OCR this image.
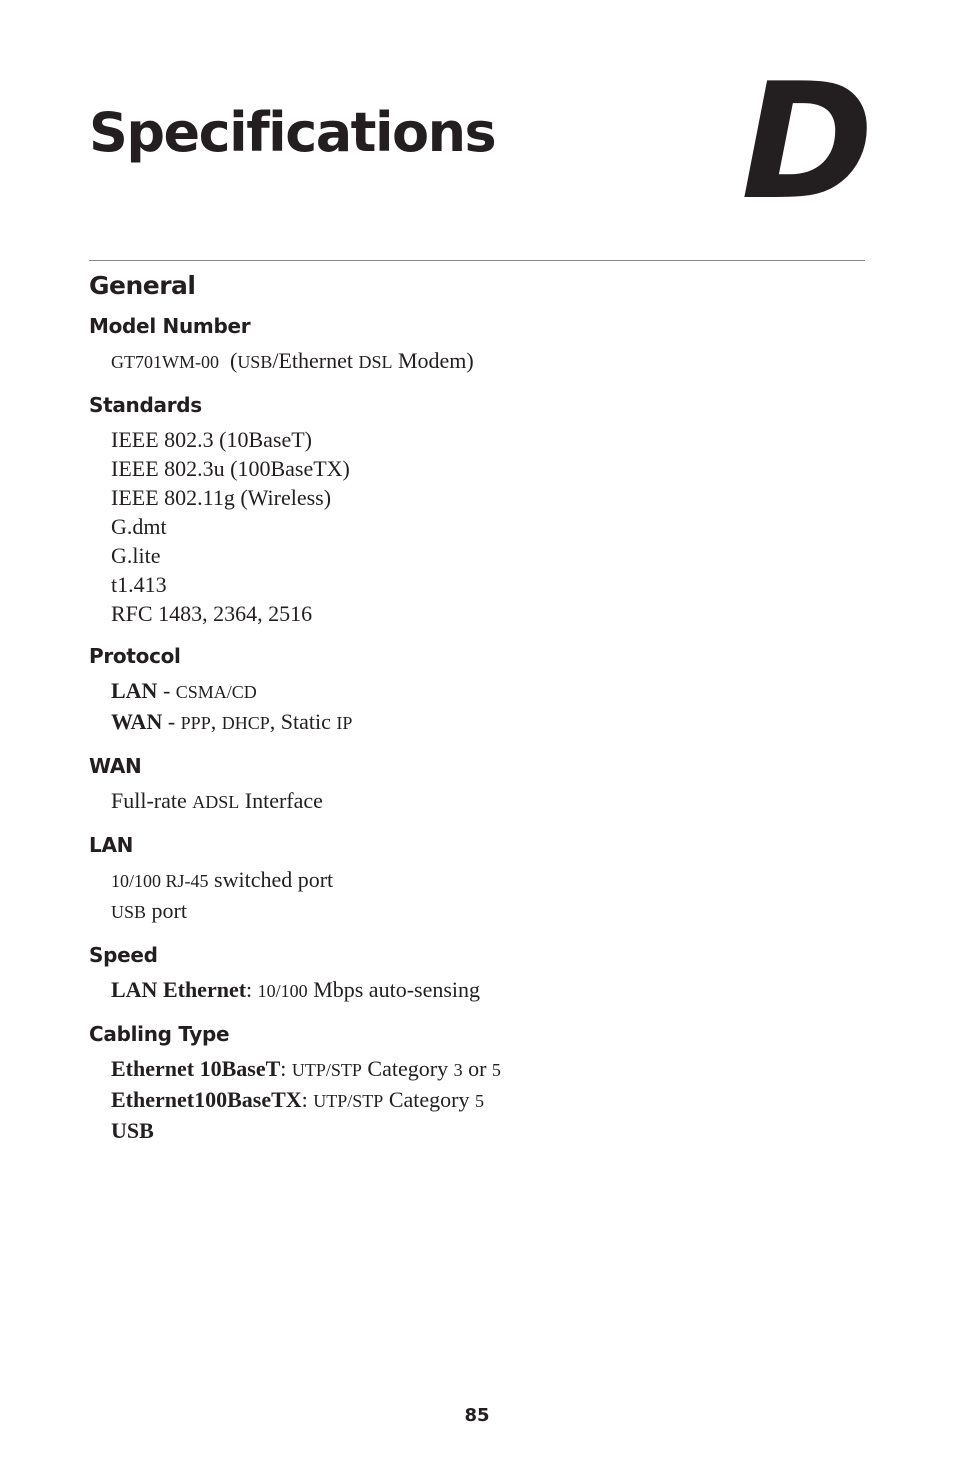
Specifications D
General
Model Number
GT701WM-00 (USB/Ethernet DSL Modem)
Standards
IEEE 802.3 (10BaseT)
IEEE 802.3u (100BaseTX)
IEEE 802.11g (Wireless)
G.dmt
G.lite
t1.413
RFC 1483, 2364, 2516
Protocol
LAN - CSMA/CD
WAN - PPP, DHCP, Static IP
WAN
Full-rate ADSL Interface
LAN
10/100 RJ-45 switched port
USB port
Speed
LAN Ethernet: 10/100 Mbps auto-sensing
Cabling Type
Ethernet 10BaseT: UTP/STP Category 3 or 5
Ethernet100BaseTX: UTP/STP Category 5
USB
85
